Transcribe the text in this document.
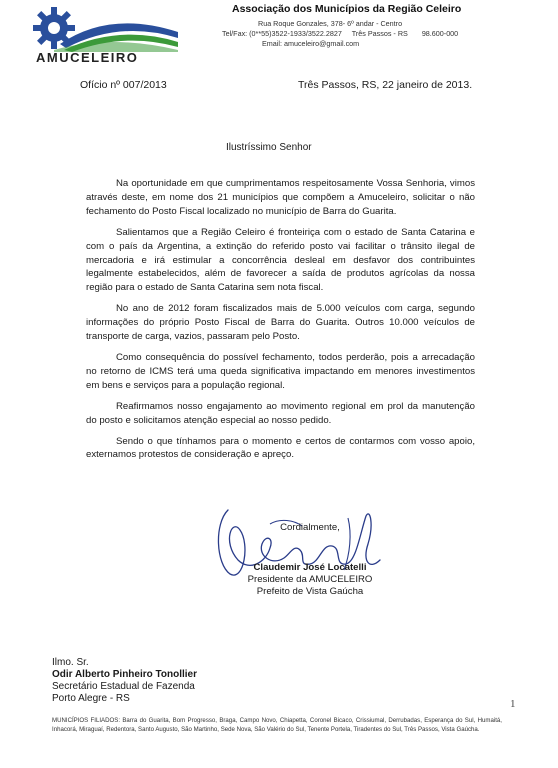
AMUCELEIRO
Associação dos Municípios da Região Celeiro
Rua Roque Gonzales, 378- 6º andar - Centro
Tel/Fax: (0**55)3522-1933/3522.2827 Três Passos - RS 98.600-000
Email: amuceleiro@gmail.com
Ofício nº 007/2013	Três Passos, RS, 22 janeiro de 2013.
Ilustríssimo Senhor

Na oportunidade em que cumprimentamos respeitosamente Vossa Senhoria, vimos através deste, em nome dos 21 municípios que compõem a Amuceleiro, solicitar o não fechamento do Posto Fiscal localizado no município de Barra do Guarita.

Salientamos que a Região Celeiro é fronteiriça com o estado de Santa Catarina e com o país da Argentina, a extinção do referido posto vai facilitar o trânsito ilegal de mercadoria e irá estimular a concorrência desleal em desfavor dos contribuintes legalmente estabelecidos, além de favorecer a saída de produtos agrícolas da nossa região para o estado de Santa Catarina sem nota fiscal.

No ano de 2012 foram fiscalizados mais de 5.000 veículos com carga, segundo informações do próprio Posto Fiscal de Barra do Guarita. Outros 10.000 veículos de transporte de carga, vazios, passaram pelo Posto.

Como consequência do possível fechamento, todos perderão, pois a arrecadação no retorno de ICMS terá uma queda significativa impactando em menores investimentos em bens e serviços para a população regional.

Reafirmamos nosso engajamento ao movimento regional em prol da manutenção do posto e solicitamos atenção especial ao nosso pedido.

Sendo o que tínhamos para o momento e certos de contarmos com vosso apoio, externamos protestos de consideração e apreço.

Cordialmente,
Claudemir José Locatelli
Presidente da AMUCELEIRO
Prefeito de Vista Gaúcha
Ilmo. Sr.
Odir Alberto Pinheiro Tonollier
Secretário Estadual de Fazenda
Porto Alegre - RS	1
MUNICÍPIOS FILIADOS: Barra do Guarita, Bom Progresso, Braga, Campo Novo, Chiapetta, Coronel Bicaco, Crissiumal, Derrubadas, Esperança do Sul, Humaitá, Inhacorá, Miraguaí, Redentora, Santo Augusto, São Martinho, Sede Nova, São Valério do Sul, Tenente Portela, Tiradentes do Sul, Três Passos, Vista Gaúcha.
